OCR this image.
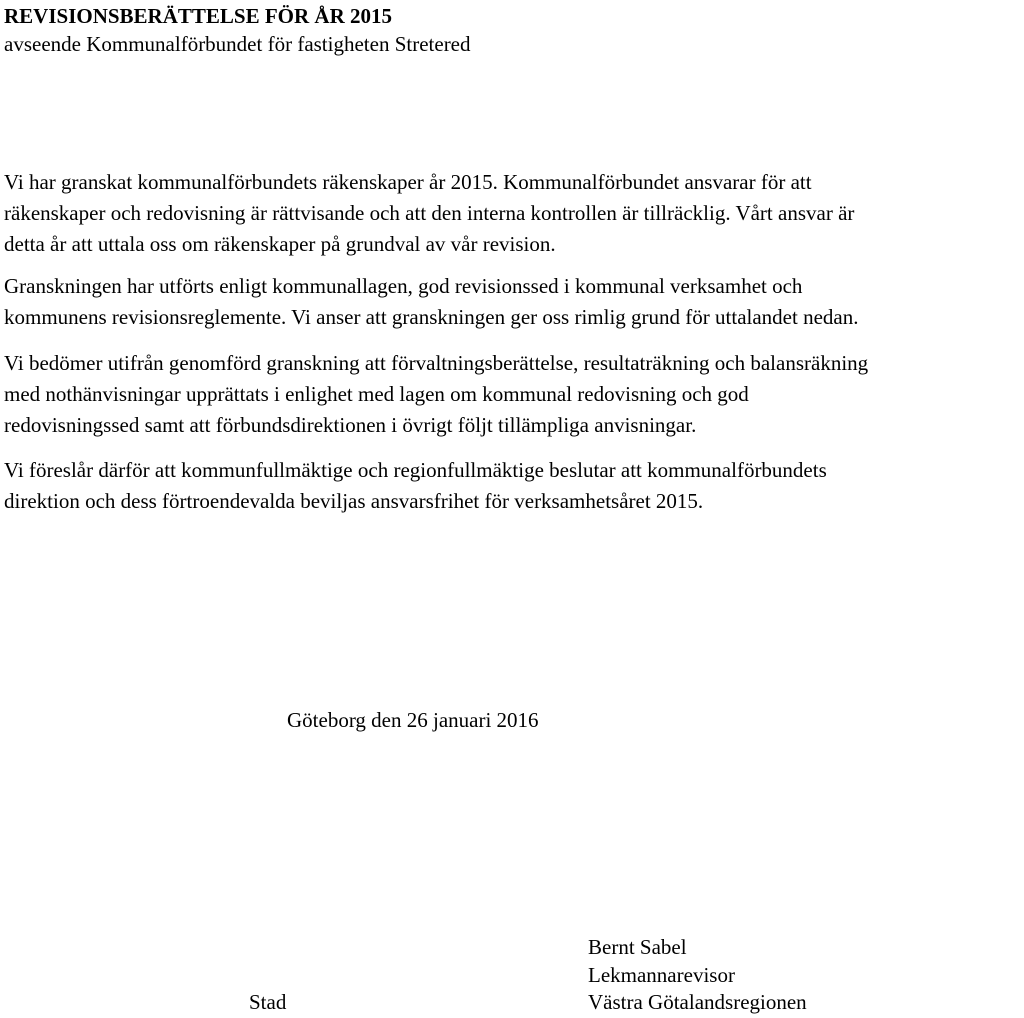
REVISIONSBERÄTTELSE FÖR ÅR 2015
avseende Kommunalförbundet för fastigheten Stretered

Vi har granskat kommunalförbundets räkenskaper år 2015. Kommunalförbundet ansvarar för att
räkenskaper och redovisning är rättvisande och att den interna kontrollen är tillräcklig. Vårt ansvar är
detta år att uttala oss om räkenskaper på grundval av vår revision.

Granskningen har utförts enligt kommunallagen, god revisionssed i kommunal verksamhet och
kommunens revisionsreglemente. Vi anser att granskningen ger oss rimlig grund för uttalandet nedan.

Vi bedömer utifrån genomförd granskning att förvaltningsberättelse, resultaträkning och balansräkning
med nothänvisningar upprättats i enlighet med lagen om kommunal redovisning och god
redovisningssed samt att förbundsdirektionen i övrigt följt tillämpliga anvisningar.

Vi föreslår därför att kommunfullmäktige och regionfullmäktige beslutar att kommunalförbundets
direktion och dess förtroendevalda beviljas ansvarsfrihet för verksamhetsåret 2015.

Göteborg den 26 januari 2016
Stad
Bernt Sabel
Lekmannarevisor
Västra Götalandsregionen
